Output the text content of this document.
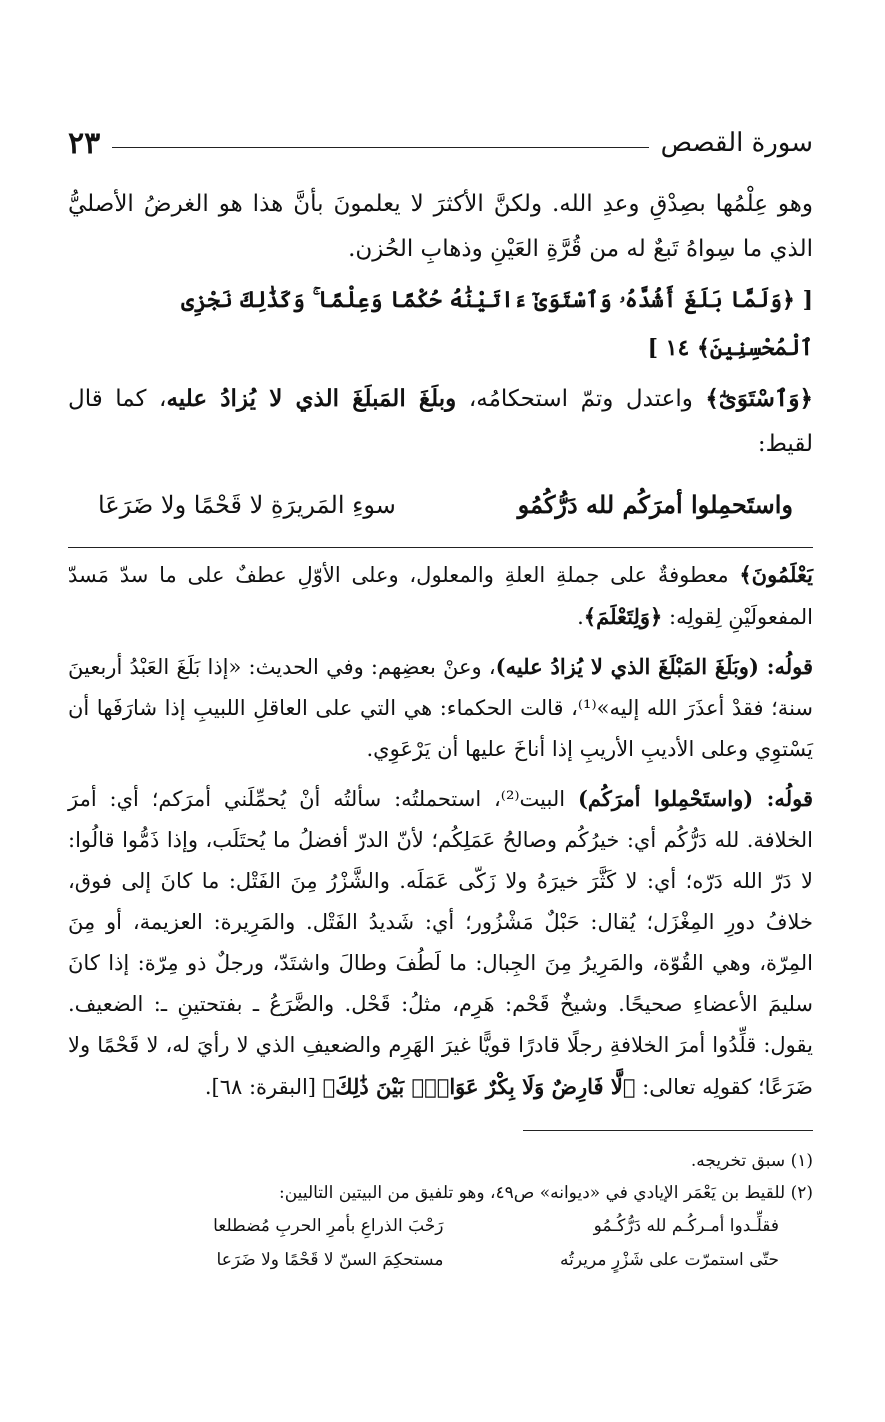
سورة القصص
٢٣

وهو عِلْمُها بصِدْقِ وعدِ الله. ولكنَّ الأكثرَ لا يعلمونَ بأنَّ هذا هو الغرضُ الأصليُّ الذي ما سِواهُ تَبعٌ له من قُرَّةِ العَيْنِ وذهابِ الحُزن.

[ ﴿وَلَمَّا بَلَغَ أَشُدَّهُۥ وَٱسْتَوَىٰٓ ءَاتَيْنَٰهُ حُكْمًا وَعِلْمًا ۚ وَكَذَٰلِكَ نَجْزِى ٱلْمُحْسِنِينَ﴾ ١٤ ]

﴿وَٱسْتَوَىٰٓ﴾ واعتدل وتمّ استحكامُه، وبلَغَ المَبلَغَ الذي لا يُزادُ عليه، كما قال لقيط:

واستَحمِلوا أمرَكُم لله دَرُّكُمُو
سوءِ المَريرَةِ لا قَحْمًا ولا ضَرَعَا

يَعْلَمُونَ﴾ معطوفةٌ على جملةِ العلةِ والمعلول، وعلى الأوّلِ عطفٌ على ما سدّ مَسدّ المفعولَيْنِ لِقولِه: ﴿وَلِتَعْلَمَ﴾.

قولُه: (وبَلَغَ المَبْلَغَ الذي لا يُزادُ عليه)، وعنْ بعضِهم: وفي الحديث: «إذا بَلَغَ العَبْدُ أربعينَ سنة؛ فقدْ أعذَرَ الله إليه»⁽¹⁾، قالت الحكماء: هي التي على العاقلِ اللبيبِ إذا شارَفَها أن يَسْتوِي وعلى الأديبِ الأريبِ إذا أناخَ عليها أن يَرْعَوِي.

قولُه: (واستَحْمِلوا أمرَكُم) البيت⁽²⁾، استحملتُه: سألتُه أنْ يُحمِّلَني أمرَكم؛ أي: أمرَ الخلافة. لله دَرُّكُم أي: خيرُكُم وصالحُ عَمَلِكُم؛ لأنّ الدرّ أفضلُ ما يُحتَلَب، وإذا ذَمُّوا قالُوا: لا دَرّ الله دَرّه؛ أي: لا كَثَّرَ خيرَهُ ولا زَكّى عَمَلَه. والشَّزْرُ مِنَ الفَتْل: ما كانَ إلى فوق، خلافُ دورِ المِغْزَل؛ يُقال: حَبْلٌ مَشْزُور؛ أي: شَديدُ الفَتْل. والمَرِيرة: العزيمة، أو مِنَ المِرّة، وهي القُوّة، والمَرِيرُ مِنَ الجِبال: ما لَطُفَ وطالَ واشتَدّ، ورجلٌ ذو مِرّة: إذا كانَ سليمَ الأعضاءِ صحيحًا. وشيخٌ قَحْم: هَرِم، مثلُ: قَحْل. والضَّرَعُ ـ بفتحتينِ ـ: الضعيف. يقول: قلِّدُوا أمرَ الخلافةِ رجلًا قادرًا قويًّا غيرَ الهَرِم والضعيفِ الذي لا رأيَ له، لا قَحْمًا ولا ضَرَعًا؛ كقولِه تعالى: ﴿لَّا فَارِضٌ وَلَا بِكْرٌ عَوَانٌۢ بَيْنَ ذَٰلِكَ﴾ [البقرة: ٦٨].

(١) سبق تخريجه.

(٢) للقيط بن يَعْمَر الإيادي في «ديوانه» ص٤٩، وهو تلفيق من البيتين التاليين:

فقلِّـدوا أمـركُـم لله دَرُّكُـمُو
رَحْبَ الذراعِ بأمرِ الحربِ مُضطلعا
حتّى استمرّت على شَزْرٍ مريرتُه
مستحكِمَ السنّ لا قَحْمًا ولا ضَرَعا
